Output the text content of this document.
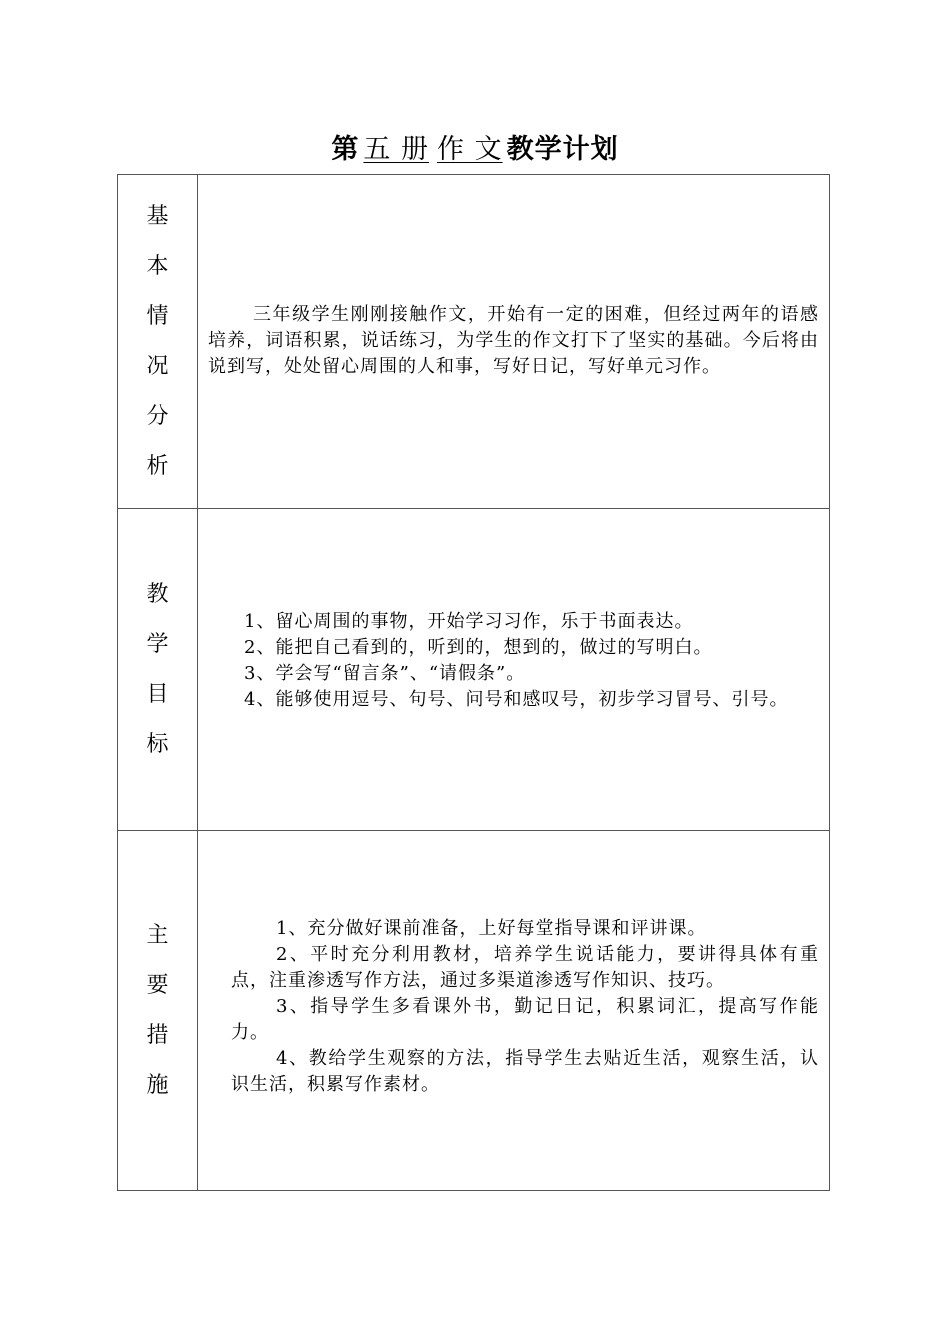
第 五 册 作 文 教学计划
基本情况分析	三年级学生刚刚接触作文，开始有一定的困难，但经过两年的语感培养，词语积累，说话练习，为学生的作文打下了坚实的基础。今后将由说到写，处处留心周围的人和事，写好日记，写好单元习作。

教学目标	1、留心周围的事物，开始学习习作，乐于书面表达。

2、能把自己看到的，听到的，想到的，做过的写明白。

3、学会写“留言条”、“请假条”。

4、能够使用逗号、句号、问号和感叹号，初步学习冒号、引号。

主要措施	1、充分做好课前准备，上好每堂指导课和评讲课。

2、平时充分利用教材，培养学生说话能力，要讲得具体有重点，注重渗透写作方法，通过多渠道渗透写作知识、技巧。

3、指导学生多看课外书，勤记日记，积累词汇，提高写作能力。

4、教给学生观察的方法，指导学生去贴近生活，观察生活，认识生活，积累写作素材。
